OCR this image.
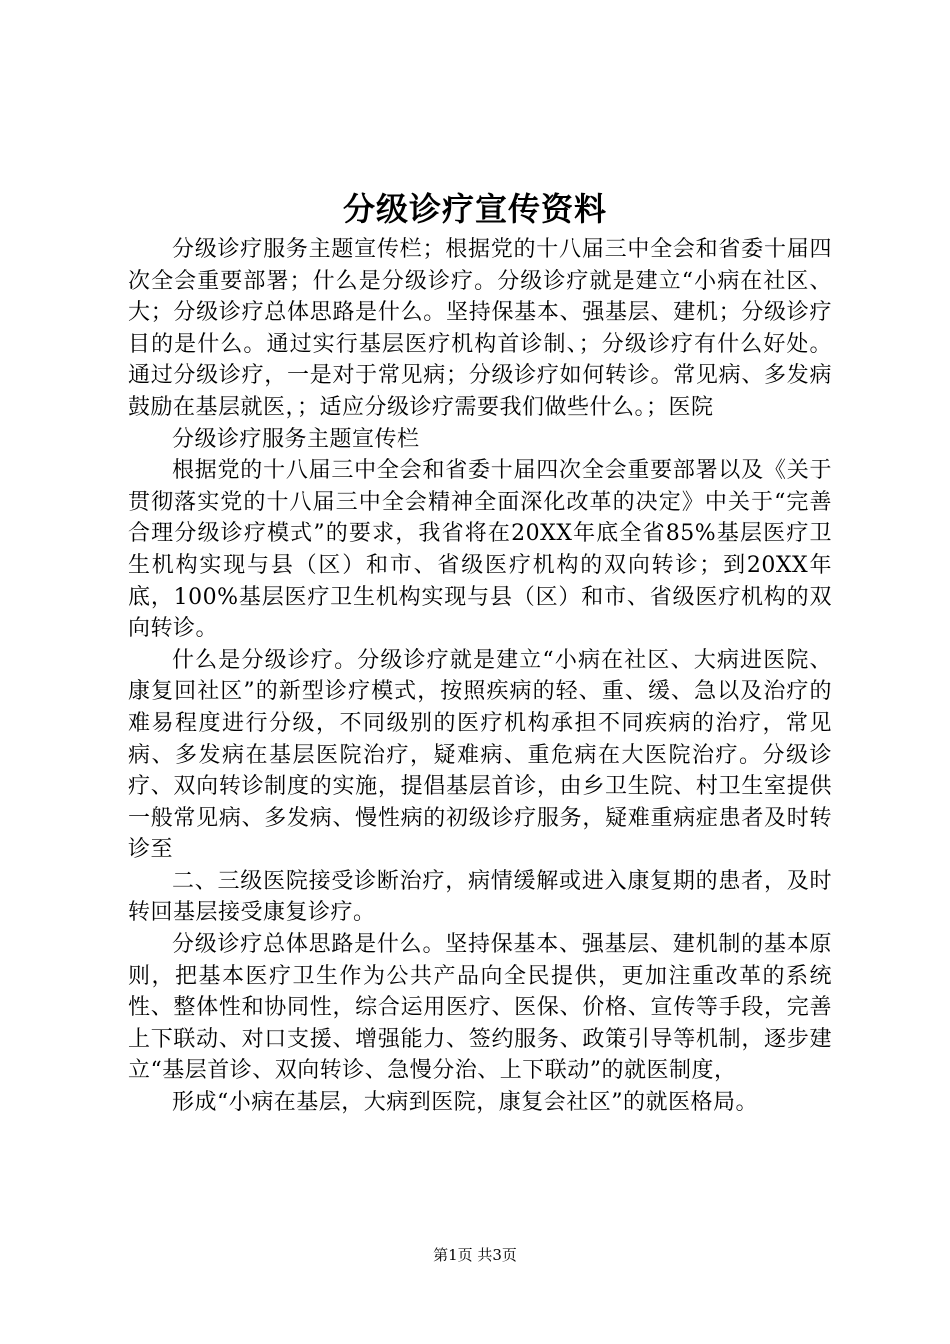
分级诊疗宣传资料

分级诊疗服务主题宣传栏；根据党的十八届三中全会和省委十届四次全会重要部署；什么是分级诊疗。分级诊疗就是建立“小病在社区、大；分级诊疗总体思路是什么。坚持保基本、强基层、建机；分级诊疗目的是什么。通过实行基层医疗机构首诊制、；分级诊疗有什么好处。通过分级诊疗，一是对于常见病；分级诊疗如何转诊。常见病、多发病鼓励在基层就医，；适应分级诊疗需要我们做些什么。；医院

分级诊疗服务主题宣传栏

根据党的十八届三中全会和省委十届四次全会重要部署以及《关于贯彻落实党的十八届三中全会精神全面深化改革的决定》中关于“完善合理分级诊疗模式”的要求，我省将在20XX年底全省85%基层医疗卫生机构实现与县（区）和市、省级医疗机构的双向转诊；到20XX年底，100%基层医疗卫生机构实现与县（区）和市、省级医疗机构的双向转诊。

什么是分级诊疗。分级诊疗就是建立“小病在社区、大病进医院、康复回社区”的新型诊疗模式，按照疾病的轻、重、缓、急以及治疗的难易程度进行分级，不同级别的医疗机构承担不同疾病的治疗，常见病、多发病在基层医院治疗，疑难病、重危病在大医院治疗。分级诊疗、双向转诊制度的实施，提倡基层首诊，由乡卫生院、村卫生室提供一般常见病、多发病、慢性病的初级诊疗服务，疑难重病症患者及时转诊至

二、三级医院接受诊断治疗，病情缓解或进入康复期的患者，及时转回基层接受康复诊疗。

分级诊疗总体思路是什么。坚持保基本、强基层、建机制的基本原则，把基本医疗卫生作为公共产品向全民提供，更加注重改革的系统性、整体性和协同性，综合运用医疗、医保、价格、宣传等手段，完善上下联动、对口支援、增强能力、签约服务、政策引导等机制，逐步建立“基层首诊、双向转诊、急慢分治、上下联动”的就医制度，

形成“小病在基层，大病到医院，康复会社区”的就医格局。

第1页 共3页
